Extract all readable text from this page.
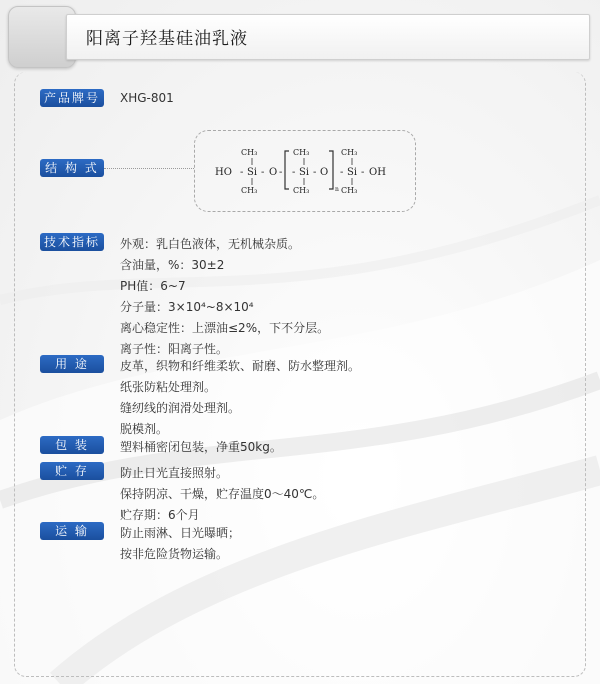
阳离子羟基硅油乳液
产品牌号	XHG-801
结 构 式	HO - Si - O -
CH₃
CH₃
- Si - O
CH₃
CH₃	n
- Si - OH
CH₃
CH₃
技术指标	外观：乳白色液体，无机械杂质。
含油量，%：30±2
PH值：6~7
分子量：3×10⁴~8×10⁴
离心稳定性：上漂油≤2%，下不分层。
离子性：阳离子性。
用 途	皮革，织物和纤维柔软、耐磨、防水整理剂。
纸张防粘处理剂。
缝纫线的润滑处理剂。
脱模剂。
包 装	塑料桶密闭包装，净重50kg。
贮 存	防止日光直接照射。
保持阴凉、干燥，贮存温度0～40℃。
贮存期：6个月
运 输	防止雨淋、日光曝晒；
按非危险货物运输。
